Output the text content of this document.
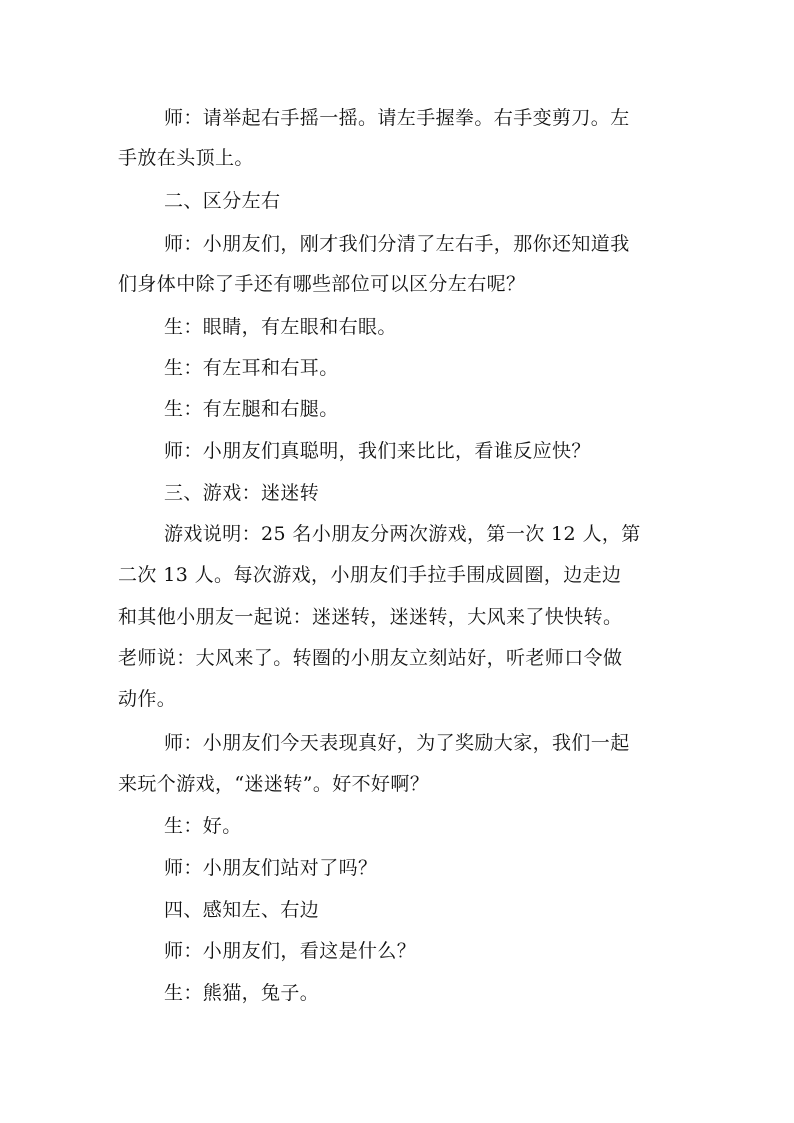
师：请举起右手摇一摇。请左手握拳。右手变剪刀。左
手放在头顶上。
二、区分左右
师：小朋友们，刚才我们分清了左右手，那你还知道我
们身体中除了手还有哪些部位可以区分左右呢？
生：眼睛，有左眼和右眼。
生：有左耳和右耳。
生：有左腿和右腿。
师：小朋友们真聪明，我们来比比，看谁反应快？
三、游戏：迷迷转
游戏说明：25 名小朋友分两次游戏，第一次 12 人，第
二次 13 人。每次游戏，小朋友们手拉手围成圆圈，边走边
和其他小朋友一起说：迷迷转，迷迷转，大风来了快快转。
老师说：大风来了。转圈的小朋友立刻站好，听老师口令做
动作。
师：小朋友们今天表现真好，为了奖励大家，我们一起
来玩个游戏，“迷迷转”。好不好啊？
生：好。
师：小朋友们站对了吗？
四、感知左、右边
师：小朋友们，看这是什么？
生：熊猫，兔子。
